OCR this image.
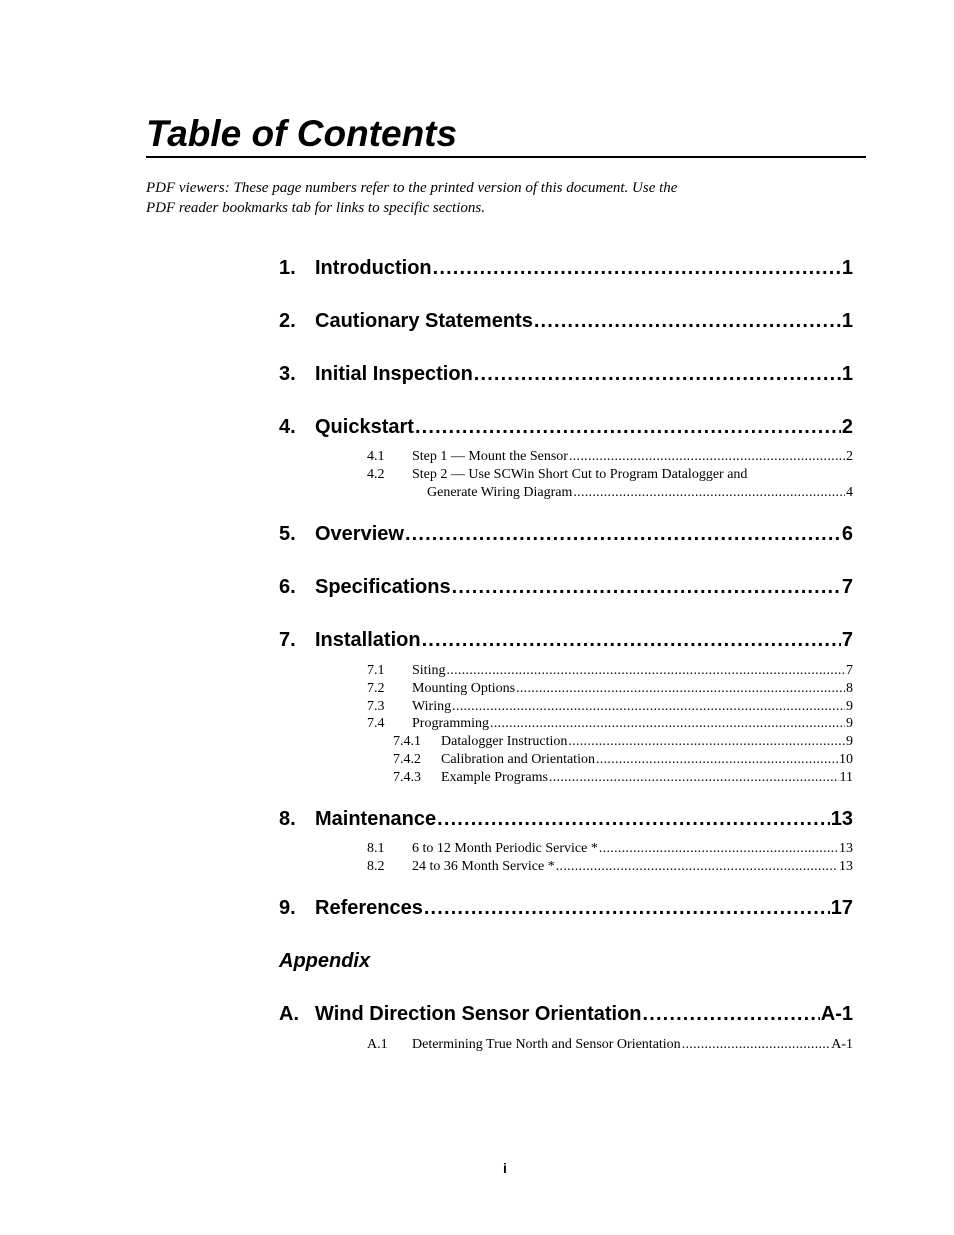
Table of Contents
PDF viewers: These page numbers refer to the printed version of this document. Use the
PDF reader bookmarks tab for links to specific sections.
1. Introduction . . .	1
2. Cautionary Statements . . .	1
3. Initial Inspection . . .	1
4. Quickstart . . .	2
4.1	Step 1 — Mount the Sensor . . .	2
4.2	Step 2 — Use SCWin Short Cut to Program Datalogger and
Generate Wiring Diagram . . .	4
5. Overview . . .	6
6. Specifications . . .	7
7. Installation . . .	7
7.1	Siting . . .	7
7.2	Mounting Options . . .	8
7.3	Wiring . . .	9
7.4	Programming . . .	9
7.4.1	Datalogger Instruction . . .	9
7.4.2	Calibration and Orientation . . .	10
7.4.3	Example Programs . . .	11
8. Maintenance . . .	13
8.1	6 to 12 Month Periodic Service * . . .	13
8.2	24 to 36 Month Service * . . .	13
9. References . . .	17
Appendix
A. Wind Direction Sensor Orientation . . .	A-1
A.1	Determining True North and Sensor Orientation . . .	A-1
i
